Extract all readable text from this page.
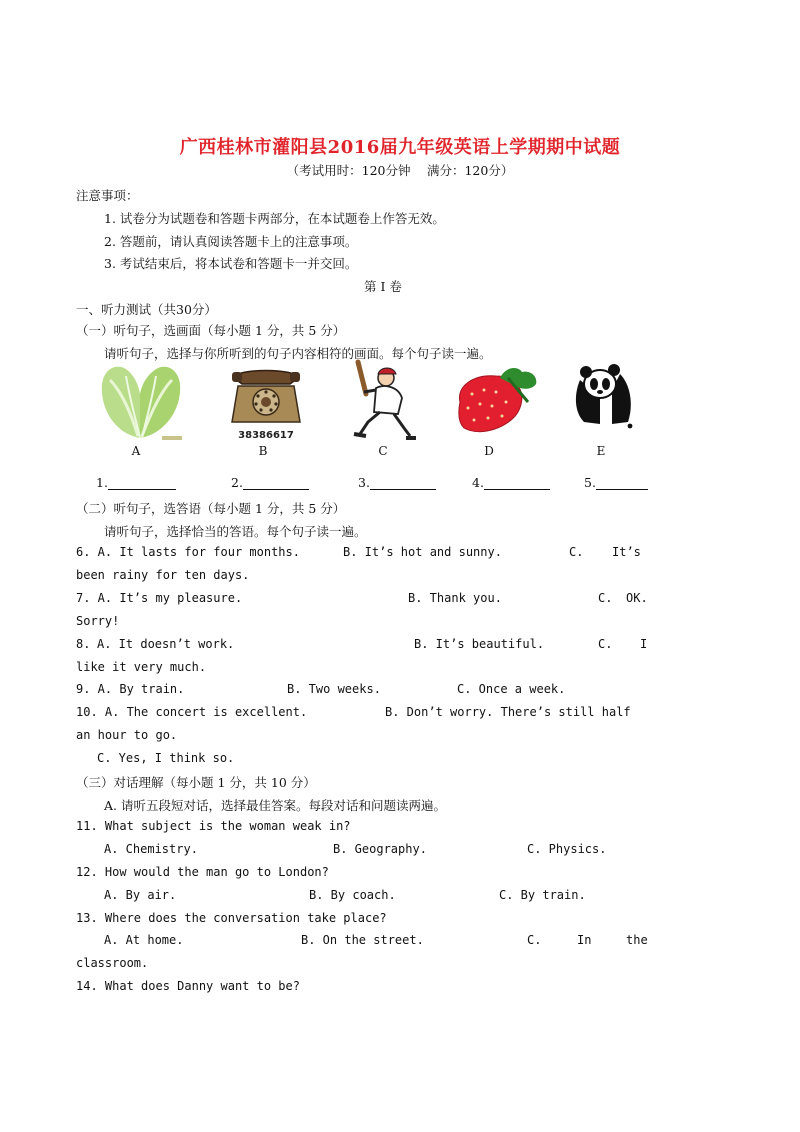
广西桂林市灌阳县2016届九年级英语上学期期中试题
（考试用时：120分钟　 满分：120分）
注意事项：
1. 试卷分为试题卷和答题卡两部分，在本试题卷上作答无效。
2. 答题前，请认真阅读答题卡上的注意事项。
3. 考试结束后，将本试卷和答题卡一并交回。
第 I 卷
一、听力测试（共30分）
（一）听句子，选画面（每小题 1 分，共 5 分）
请听句子，选择与你所听到的句子内容相符的画面。每个句子读一遍。
A
38386617
B	C	D	E
1.	2.	3.	4.	5.
（二）听句子，选答语（每小题 1 分，共 5 分）
请听句子，选择恰当的答语。每个句子读一遍。
6. A. It lasts for four months.	B. It’s hot and sunny.	C. It’s
been rainy for ten days.
7. A. It’s my pleasure.	B. Thank you.	C. OK.
Sorry!
8. A. It doesn’t work.	B. It’s beautiful.	C. I
like it very much.
9. A. By train.	B. Two weeks.	C. Once a week.
10. A. The concert is excellent.	B. Don’t worry. There’s still half
an hour to go.
C. Yes, I think so.
（三）对话理解（每小题 1 分，共 10 分）
A. 请听五段短对话，选择最佳答案。每段对话和问题读两遍。
11. What subject is the woman weak in?
A. Chemistry.	B. Geography.	C. Physics.
12. How would the man go to London?
A. By air.	B. By coach.	C. By train.
13. Where does the conversation take place?
A. At home.	B. On the street.	C.	In	the
classroom.
14. What does Danny want to be?
